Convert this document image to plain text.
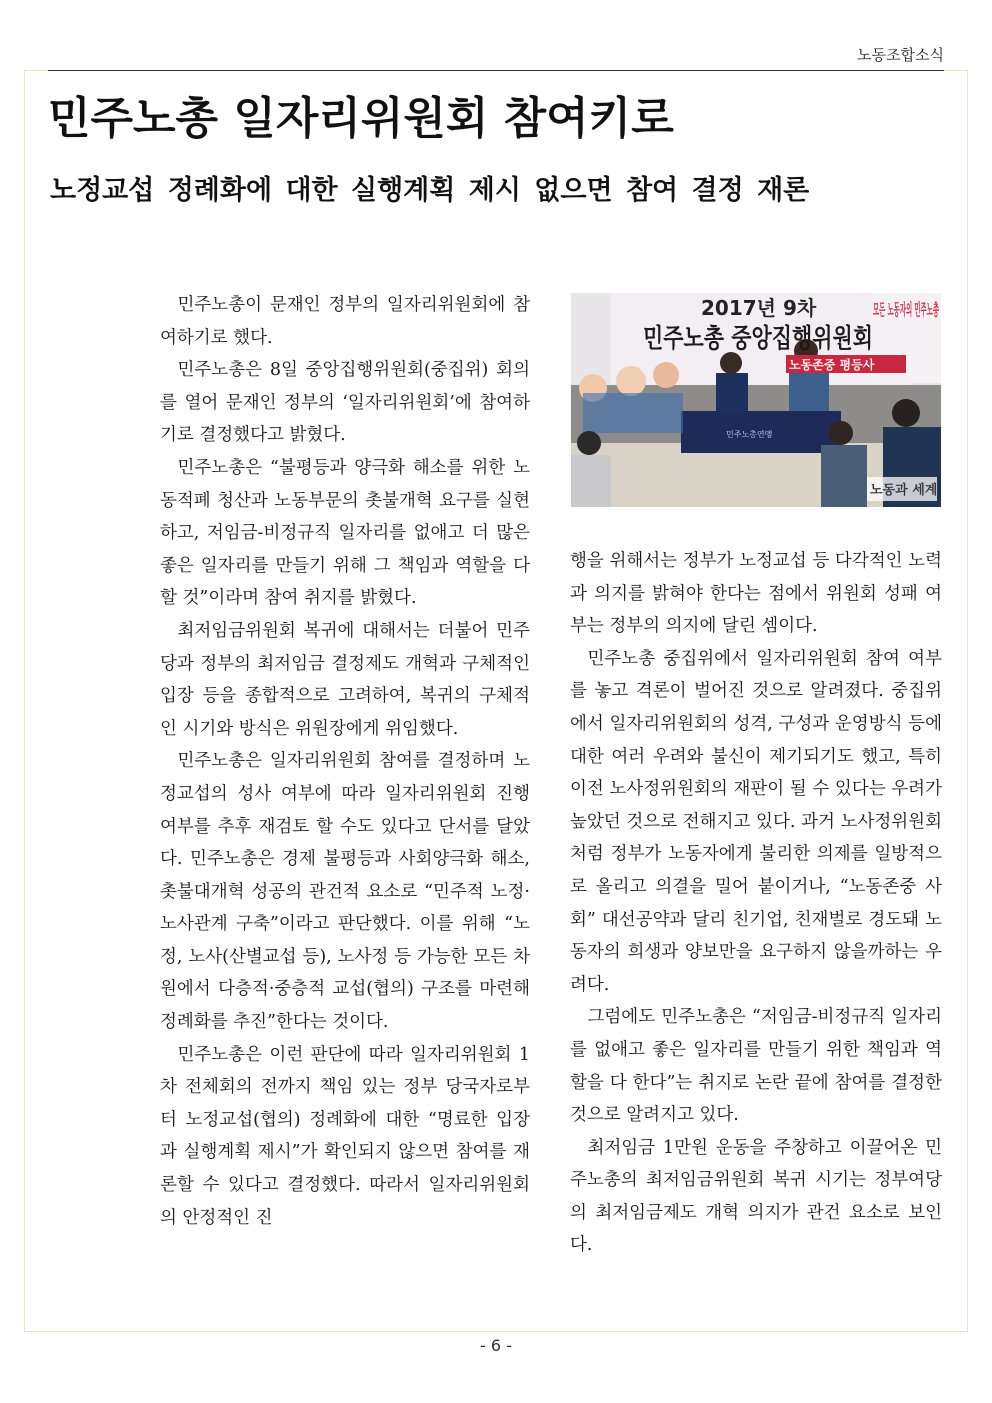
노동조합소식
민주노총 일자리위원회 참여키로
노정교섭 정례화에 대한 실행계획 제시 없으면 참여 결정 재론

민주노총이 문재인 정부의 일자리위원회에 참여하기로 했다.

민주노총은 8일 중앙집행위원회(중집위) 회의를 열어 문재인 정부의 ‘일자리위원회’에 참여하기로 결정했다고 밝혔다.

민주노총은 “불평등과 양극화 해소를 위한 노동적폐 청산과 노동부문의 촛불개혁 요구를 실현하고, 저임금-비정규직 일자리를 없애고 더 많은 좋은 일자리를 만들기 위해 그 책임과 역할을 다할 것”이라며 참여 취지를 밝혔다.

최저임금위원회 복귀에 대해서는 더불어 민주당과 정부의 최저임금 결정제도 개혁과 구체적인 입장 등을 종합적으로 고려하여, 복귀의 구체적인 시기와 방식은 위원장에게 위임했다.

민주노총은 일자리위원회 참여를 결정하며 노정교섭의 성사 여부에 따라 일자리위원회 진행 여부를 추후 재검토 할 수도 있다고 단서를 달았다. 민주노총은 경제 불평등과 사회양극화 해소, 촛불대개혁 성공의 관건적 요소로 “민주적 노정·노사관계 구축”이라고 판단했다. 이를 위해 “노정, 노사(산별교섭 등), 노사정 등 가능한 모든 차원에서 다층적·중층적 교섭(협의) 구조를 마련해 정례화를 추진”한다는 것이다.

민주노총은 이런 판단에 따라 일자리위원회 1차 전체회의 전까지 책임 있는 정부 당국자로부터 노정교섭(협의) 정례화에 대한 “명료한 입장과 실행계획 제시”가 확인되지 않으면 참여를 재론할 수 있다고 결정했다. 따라서 일자리위원회의 안정적인 진

모든 노동자의 민주노총
2017년 9차
민주노총 중앙집행위원회
노동존중 평등사
민주노총연맹
노동과 세계

행을 위해서는 정부가 노정교섭 등 다각적인 노력과 의지를 밝혀야 한다는 점에서 위원회 성패 여부는 정부의 의지에 달린 셈이다.

민주노총 중집위에서 일자리위원회 참여 여부를 놓고 격론이 벌어진 것으로 알려졌다. 중집위에서 일자리위원회의 성격, 구성과 운영방식 등에 대한 여러 우려와 불신이 제기되기도 했고, 특히 이전 노사정위원회의 재판이 될 수 있다는 우려가 높았던 것으로 전해지고 있다. 과거 노사정위원회처럼 정부가 노동자에게 불리한 의제를 일방적으로 올리고 의결을 밀어 붙이거나, “노동존중 사회” 대선공약과 달리 친기업, 친재벌로 경도돼 노동자의 희생과 양보만을 요구하지 않을까하는 우려다.

그럼에도 민주노총은 “저임금-비정규직 일자리를 없애고 좋은 일자리를 만들기 위한 책임과 역할을 다 한다”는 취지로 논란 끝에 참여를 결정한 것으로 알려지고 있다.

최저임금 1만원 운동을 주창하고 이끌어온 민주노총의 최저임금위원회 복귀 시기는 정부여당의 최저임금제도 개혁 의지가 관건 요소로 보인다.

- 6 -
